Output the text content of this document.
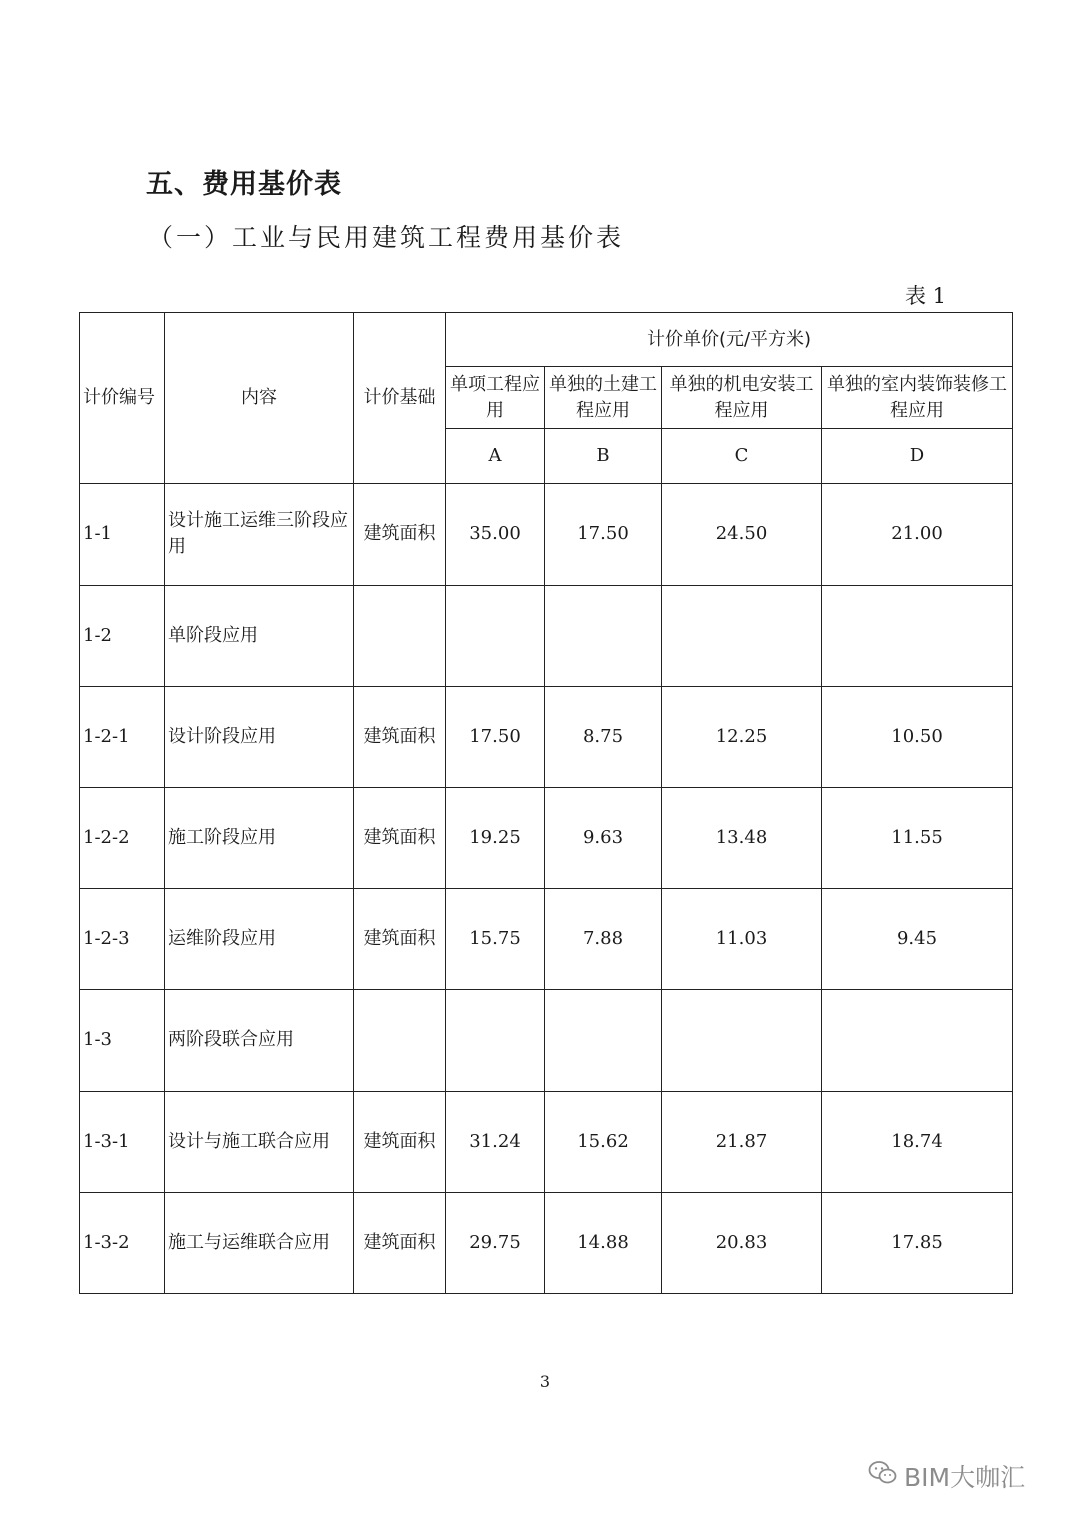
五、费用基价表
（一）工业与民用建筑工程费用基价表
表 1
计价编号	内容	计价基础	计价单价(元/平方米)			
			单项工程应用	单独的土建工程应用	单独的机电安装工程应用	单独的室内装饰装修工程应用
			A	B	C	D
1-1	设计施工运维三阶段应用	建筑面积	35.00	17.50	24.50	21.00
1-2	单阶段应用					
1-2-1	设计阶段应用	建筑面积	17.50	8.75	12.25	10.50
1-2-2	施工阶段应用	建筑面积	19.25	9.63	13.48	11.55
1-2-3	运维阶段应用	建筑面积	15.75	7.88	11.03	9.45
1-3	两阶段联合应用					
1-3-1	设计与施工联合应用	建筑面积	31.24	15.62	21.87	18.74
1-3-2	施工与运维联合应用	建筑面积	29.75	14.88	20.83	17.85
3
BIM大咖汇
